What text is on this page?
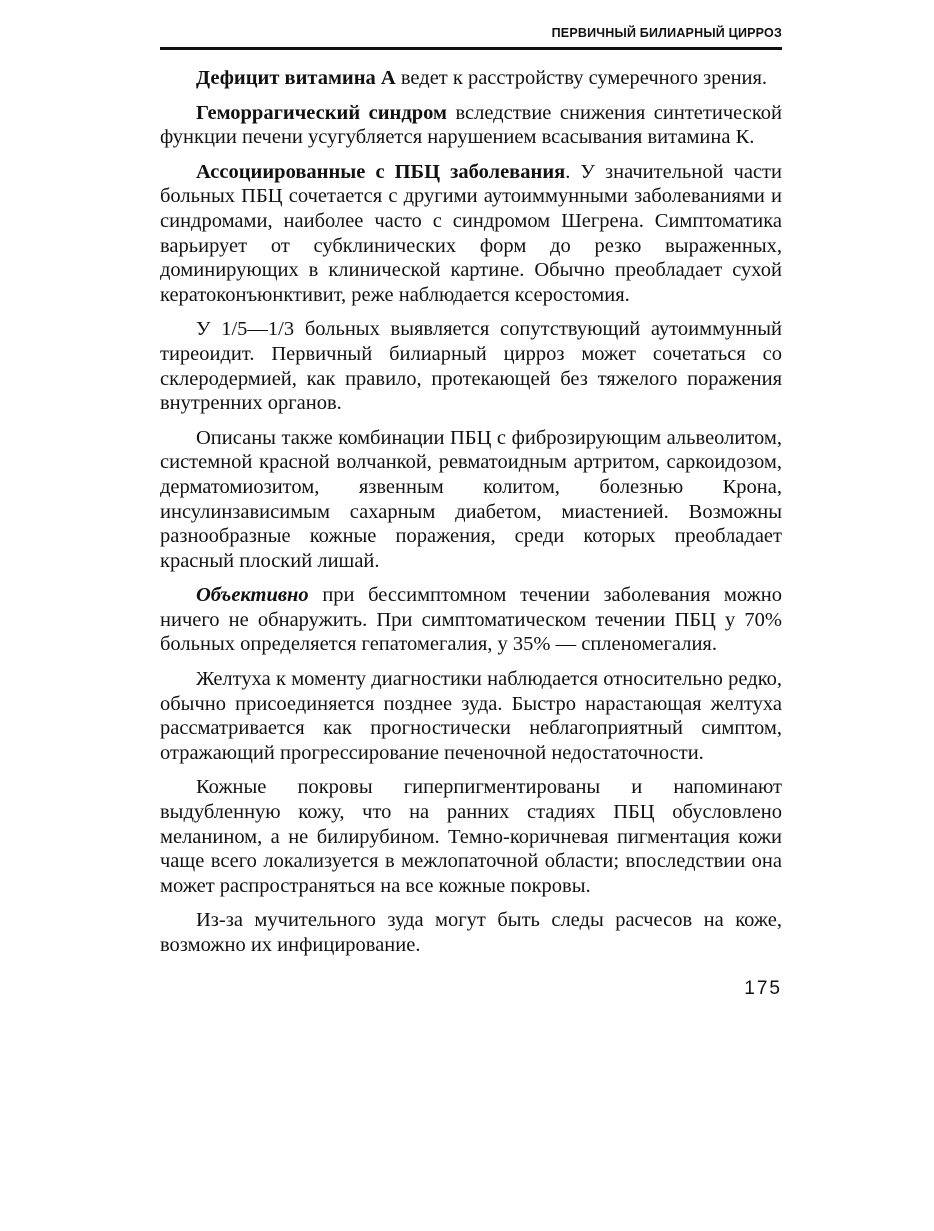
ПЕРВИЧНЫЙ БИЛИАРНЫЙ ЦИРРОЗ

Дефицит витамина А ведет к расстройству сумеречного зрения.

Геморрагический синдром вследствие снижения синтетической функции печени усугубляется нарушением всасывания витамина К.

Ассоциированные с ПБЦ заболевания. У значительной части больных ПБЦ сочетается с другими аутоиммунными заболеваниями и синдромами, наиболее часто с синдромом Шегрена. Симптоматика варьирует от субклинических форм до резко выраженных, доминирующих в клинической картине. Обычно преобладает сухой кератоконъюнктивит, реже наблюдается ксеростомия.

У 1/5—1/3 больных выявляется сопутствующий аутоиммунный тиреоидит. Первичный билиарный цирроз может сочетаться со склеродермией, как правило, протекающей без тяжелого поражения внутренних органов.

Описаны также комбинации ПБЦ с фиброзирующим альвеолитом, системной красной волчанкой, ревматоидным артритом, саркоидозом, дерматомиозитом, язвенным колитом, болезнью Крона, инсулинзависимым сахарным диабетом, миастенией. Возможны разнообразные кожные поражения, среди которых преобладает красный плоский лишай.

Объективно при бессимптомном течении заболевания можно ничего не обнаружить. При симптоматическом течении ПБЦ у 70% больных определяется гепатомегалия, у 35% — спленомегалия.

Желтуха к моменту диагностики наблюдается относительно редко, обычно присоединяется позднее зуда. Быстро нарастающая желтуха рассматривается как прогностически неблагоприятный симптом, отражающий прогрессирование печеночной недостаточности.

Кожные покровы гиперпигментированы и напоминают выдубленную кожу, что на ранних стадиях ПБЦ обусловлено меланином, а не билирубином. Темно-коричневая пигментация кожи чаще всего локализуется в межлопаточной области; впоследствии она может распространяться на все кожные покровы.

Из-за мучительного зуда могут быть следы расчесов на коже, возможно их инфицирование.

175
